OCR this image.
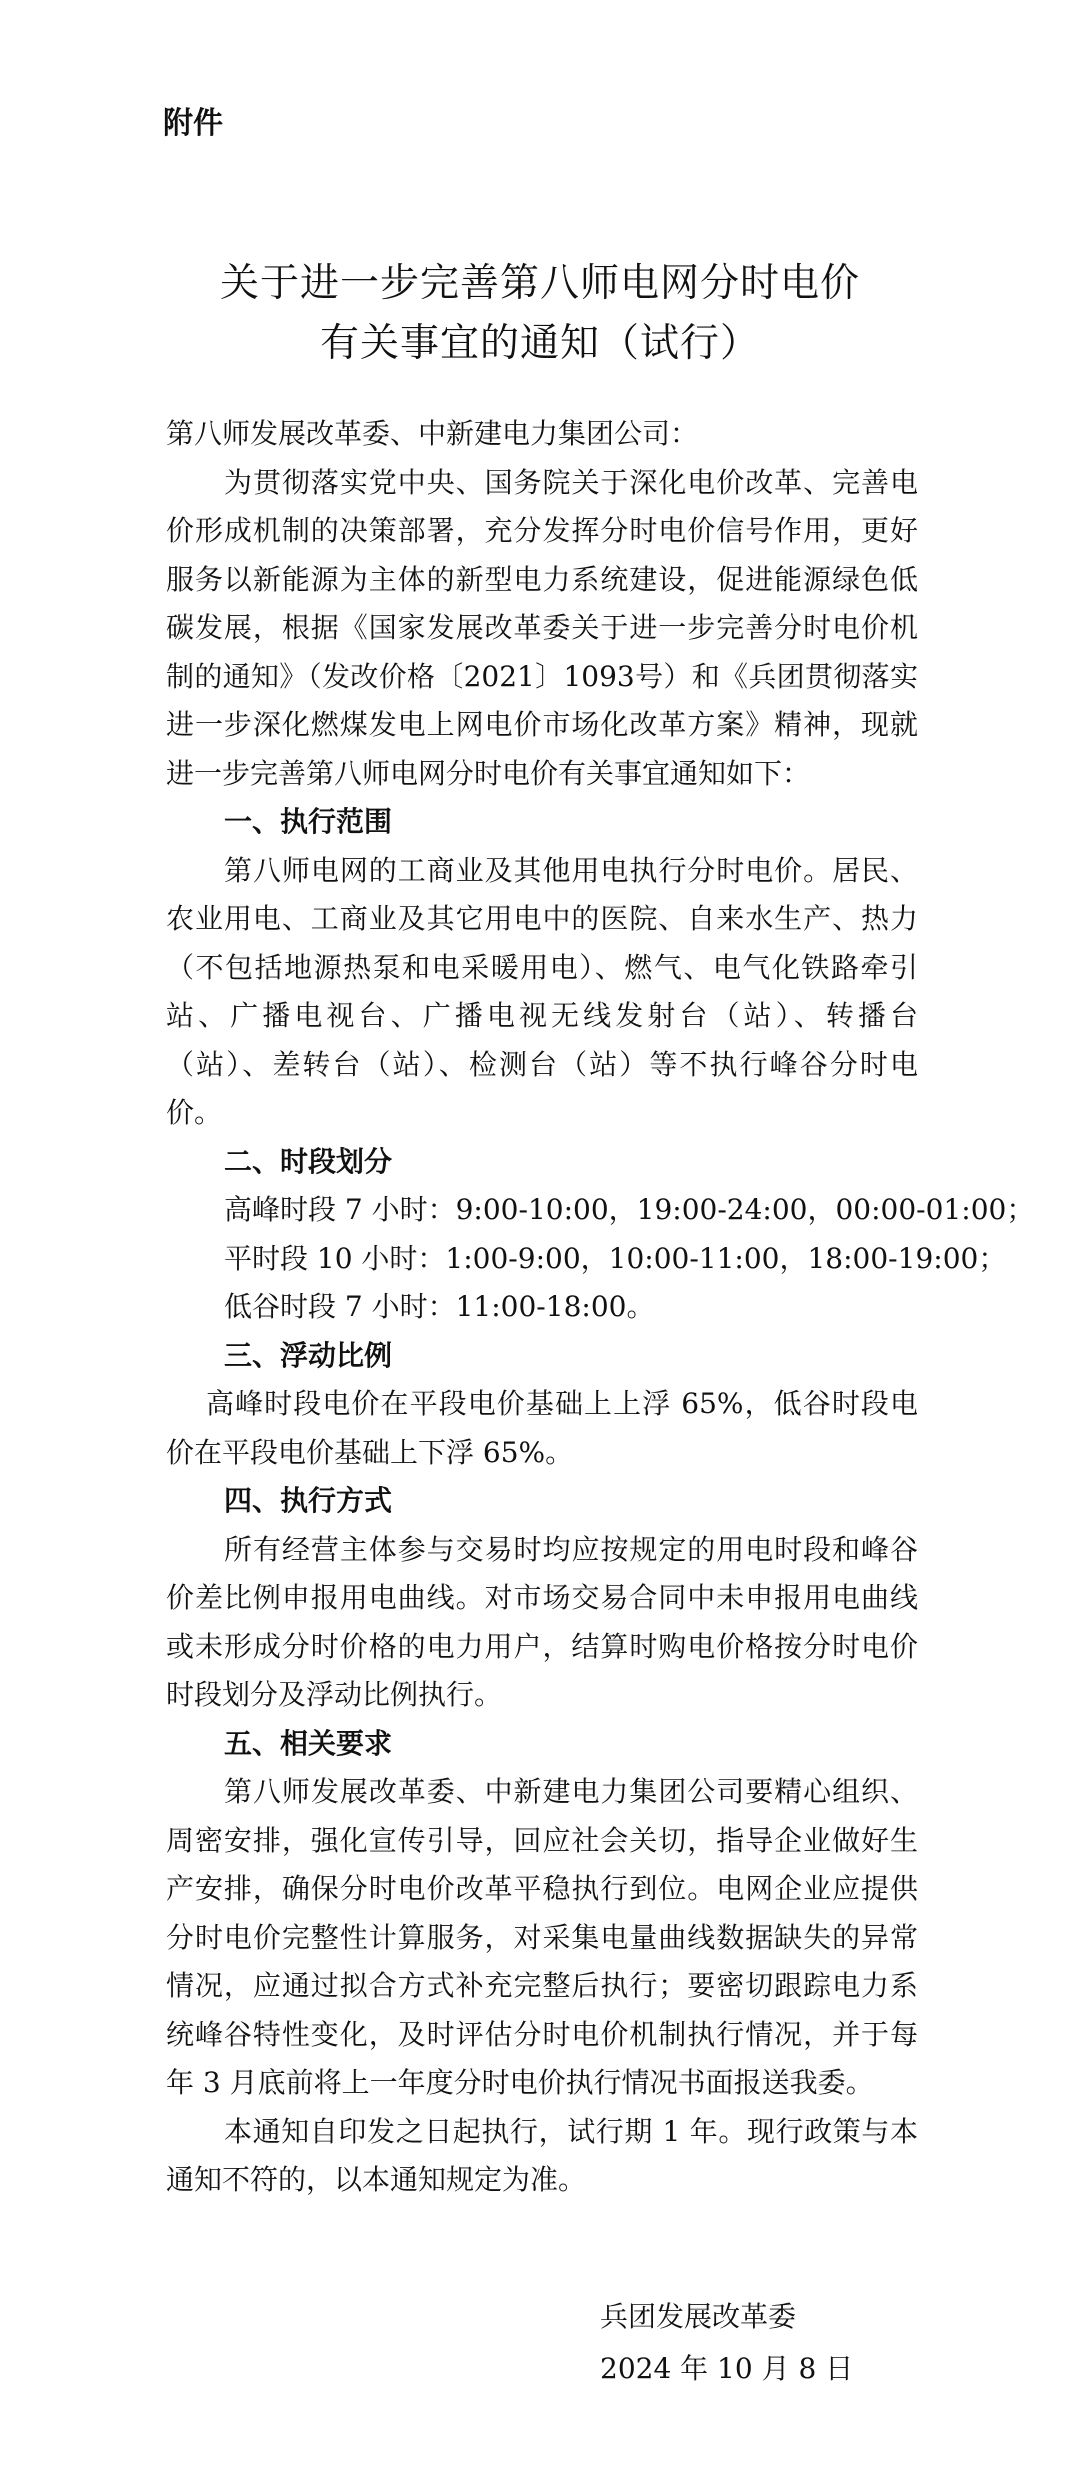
附件

关于进一步完善第八师电网分时电价
有关事宜的通知（试行）

第八师发展改革委、中新建电力集团公司：

为贯彻落实党中央、国务院关于深化电价改革、完善电价形成机制的决策部署，充分发挥分时电价信号作用，更好服务以新能源为主体的新型电力系统建设，促进能源绿色低碳发展，根据《国家发展改革委关于进一步完善分时电价机制的通知》（发改价格〔2021〕1093号）和《兵团贯彻落实进一步深化燃煤发电上网电价市场化改革方案》精神，现就进一步完善第八师电网分时电价有关事宜通知如下：

一、执行范围

第八师电网的工商业及其他用电执行分时电价。居民、农业用电、工商业及其它用电中的医院、自来水生产、热力（不包括地源热泵和电采暖用电）、燃气、电气化铁路牵引站、广播电视台、广播电视无线发射台（站）、转播台（站）、差转台（站）、检测台（站）等不执行峰谷分时电价。

二、时段划分

高峰时段 7 小时：9:00-10:00，19:00-24:00，00:00-01:00；

平时段 10 小时：1:00-9:00，10:00-11:00，18:00-19:00；

低谷时段 7 小时：11:00-18:00。

三、浮动比例

高峰时段电价在平段电价基础上上浮 65%，低谷时段电价在平段电价基础上下浮 65%。

四、执行方式

所有经营主体参与交易时均应按规定的用电时段和峰谷价差比例申报用电曲线。对市场交易合同中未申报用电曲线或未形成分时价格的电力用户，结算时购电价格按分时电价时段划分及浮动比例执行。

五、相关要求

第八师发展改革委、中新建电力集团公司要精心组织、周密安排，强化宣传引导，回应社会关切，指导企业做好生产安排，确保分时电价改革平稳执行到位。电网企业应提供分时电价完整性计算服务，对采集电量曲线数据缺失的异常情况，应通过拟合方式补充完整后执行；要密切跟踪电力系统峰谷特性变化，及时评估分时电价机制执行情况，并于每年 3 月底前将上一年度分时电价执行情况书面报送我委。

本通知自印发之日起执行，试行期 1 年。现行政策与本通知不符的，以本通知规定为准。

兵团发展改革委

2024 年 10 月 8 日
